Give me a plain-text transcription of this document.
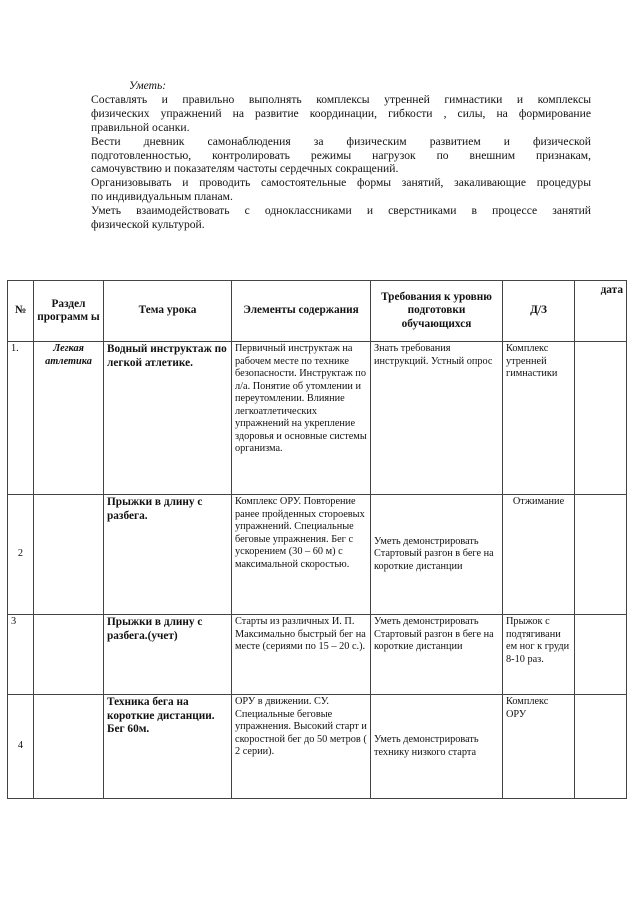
Уметь:

Составлять и правильно выполнять комплексы утренней гимнастики и комплексы

физических упражнений на развитие координации, гибкости , силы, на формирование

правильной осанки.

Вести дневник самонаблюдения за физическим развитием и физической

подготовленностью, контролировать режимы нагрузок по внешним признакам,

самочувствию и показателям частоты сердечных сокращений.

Организовывать и проводить самостоятельные формы занятий, закаливающие процедуры

по индивидуальным планам.

Уметь взаимодействовать с одноклассниками и сверстниками в процессе занятий

физической культурой.

№	Раздел программ ы	Тема урока	Элементы содержания	Требования к уровню подготовки обучающихся	Д/З	дата
1.	Легкая атлетика	Водный инструктаж по легкой атлетике.	Первичный инструктаж на рабочем месте по технике безопасности. Инструктаж по л/а. Понятие об утомлении и переутомлении. Влияние легкоатлетических упражнений на укрепление здоровья и основные системы организма.	Знать требования инструкций. Устный опрос	Комплекс утренней гимнастики	
2		Прыжки в длину с разбега.	Комплекс ОРУ. Повторение ранее пройденных стороевых упражнений. Специальные беговые упражнения. Бег с ускорением (30 – 60 м) с максимальной скоростью.	Уметь демонстрировать Стартовый разгон в беге на короткие дистанции	Отжимание	
3		Прыжки в длину с разбега.(учет)	Старты из различных И. П. Максимально быстрый бег на месте (сериями по 15 – 20 с.).	Уметь демонстрировать Стартовый разгон в беге на короткие дистанции	Прыжок с подтягивани ем ног к груди 8-10 раз.	
4		Техника бега на короткие дистанции. Бег 60м.	ОРУ в движении. СУ. Специальные беговые упражнения. Высокий старт и скоростной бег до 50 метров ( 2 серии).	Уметь демонстрировать технику низкого старта	Комплекс ОРУ	
